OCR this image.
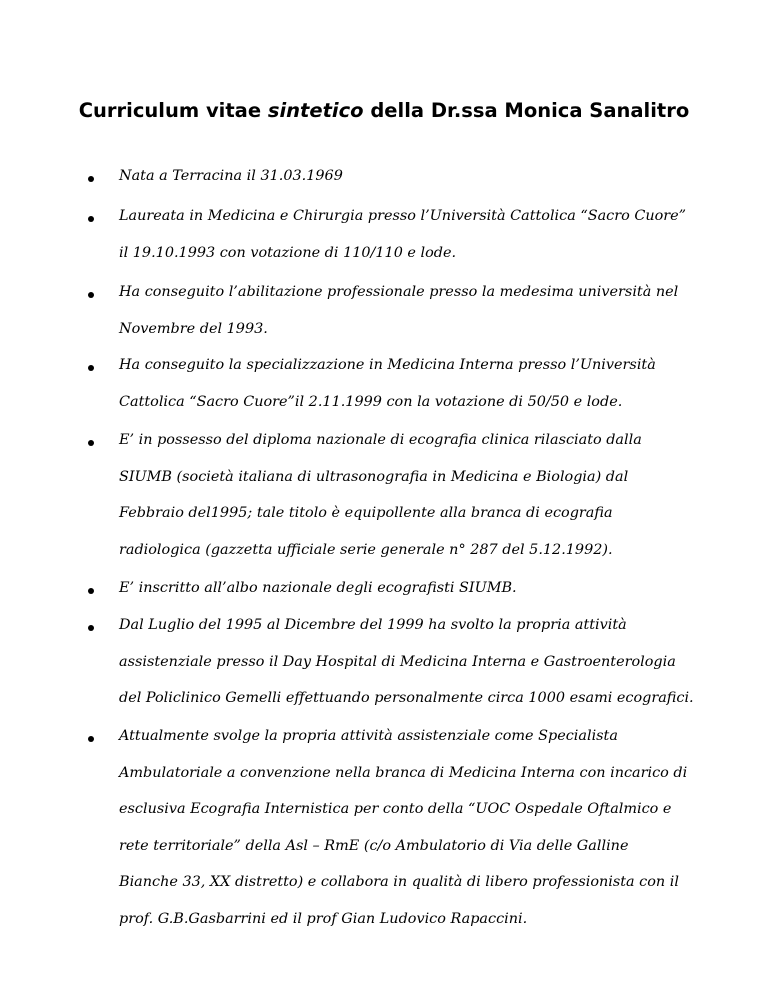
Curriculum vitae sintetico della Dr.ssa Monica Sanalitro
Nata a Terracina il 31.03.1969
Laureata in Medicina e Chirurgia presso l’Università Cattolica “Sacro Cuore”
il 19.10.1993 con votazione di 110/110 e lode.
Ha conseguito l’abilitazione professionale presso la medesima università nel
Novembre del 1993.
Ha conseguito la specializzazione in Medicina Interna presso l’Università
Cattolica “Sacro Cuore”il 2.11.1999 con la votazione di 50/50 e lode.
E’ in possesso del diploma nazionale di ecografia clinica rilasciato dalla
SIUMB (società italiana di ultrasonografia in Medicina e Biologia) dal
Febbraio del1995; tale titolo è equipollente alla branca di ecografia
radiologica (gazzetta ufficiale serie generale n° 287 del 5.12.1992).
E’ inscritto all’albo nazionale degli ecografisti SIUMB.
Dal Luglio del 1995 al Dicembre del 1999 ha svolto la propria attività
assistenziale presso il Day Hospital di Medicina Interna e Gastroenterologia
del Policlinico Gemelli effettuando personalmente circa 1000 esami ecografici.
Attualmente svolge la propria attività assistenziale come Specialista
Ambulatoriale a convenzione nella branca di Medicina Interna con incarico di
esclusiva Ecografia Internistica per conto della “UOC Ospedale Oftalmico e
rete territoriale” della Asl – RmE (c/o Ambulatorio di Via delle Galline
Bianche 33, XX distretto) e collabora in qualità di libero professionista con il
prof. G.B.Gasbarrini ed il prof Gian Ludovico Rapaccini.
